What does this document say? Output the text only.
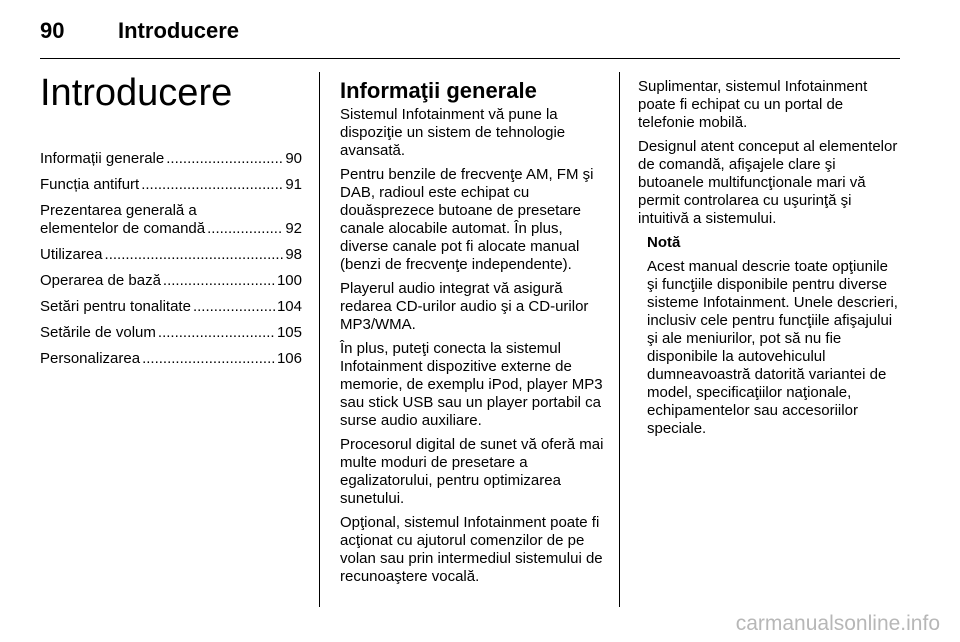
90 Introducere
Introducere
Informații generale .....	90
Funcția antifurt .....	91
Prezentarea generală a
elementelor de comandă .....	92
Utilizarea .....	98
Operarea de bază .....	100
Setări pentru tonalitate .....	104
Setările de volum .....	105
Personalizarea .....	106
Informaţii generale

Sistemul Infotainment vă pune la dispoziţie un sistem de tehnologie avansată.

Pentru benzile de frecvenţe AM, FM şi DAB, radioul este echipat cu douăsprezece butoane de presetare canale alocabile automat. În plus, diverse canale pot fi alocate manual (benzi de frecvenţe independente).

Playerul audio integrat vă asigură redarea CD-urilor audio şi a CD-urilor MP3/WMA.

În plus, puteţi conecta la sistemul Infotainment dispozitive externe de memorie, de exemplu iPod, player MP3 sau stick USB sau un player portabil ca surse audio auxiliare.

Procesorul digital de sunet vă oferă mai multe moduri de presetare a egalizatorului, pentru optimizarea sunetului.

Opţional, sistemul Infotainment poate fi acţionat cu ajutorul comenzilor de pe volan sau prin intermediul sistemului de recunoaştere vocală.

Suplimentar, sistemul Infotainment poate fi echipat cu un portal de telefonie mobilă.

Designul atent conceput al elementelor de comandă, afişajele clare şi butoanele multifuncţionale mari vă permit controlarea cu uşurinţă şi intuitivă a sistemului.

Notă

Acest manual descrie toate opţiunile şi funcţiile disponibile pentru diverse sisteme Infotainment. Unele descrieri, inclusiv cele pentru funcţiile afişajului şi ale meniurilor, pot să nu fie disponibile la autovehiculul dumneavoastră datorită variantei de model, specificaţiilor naţionale, echipamentelor sau accesoriilor speciale.

carmanualsonline.info
